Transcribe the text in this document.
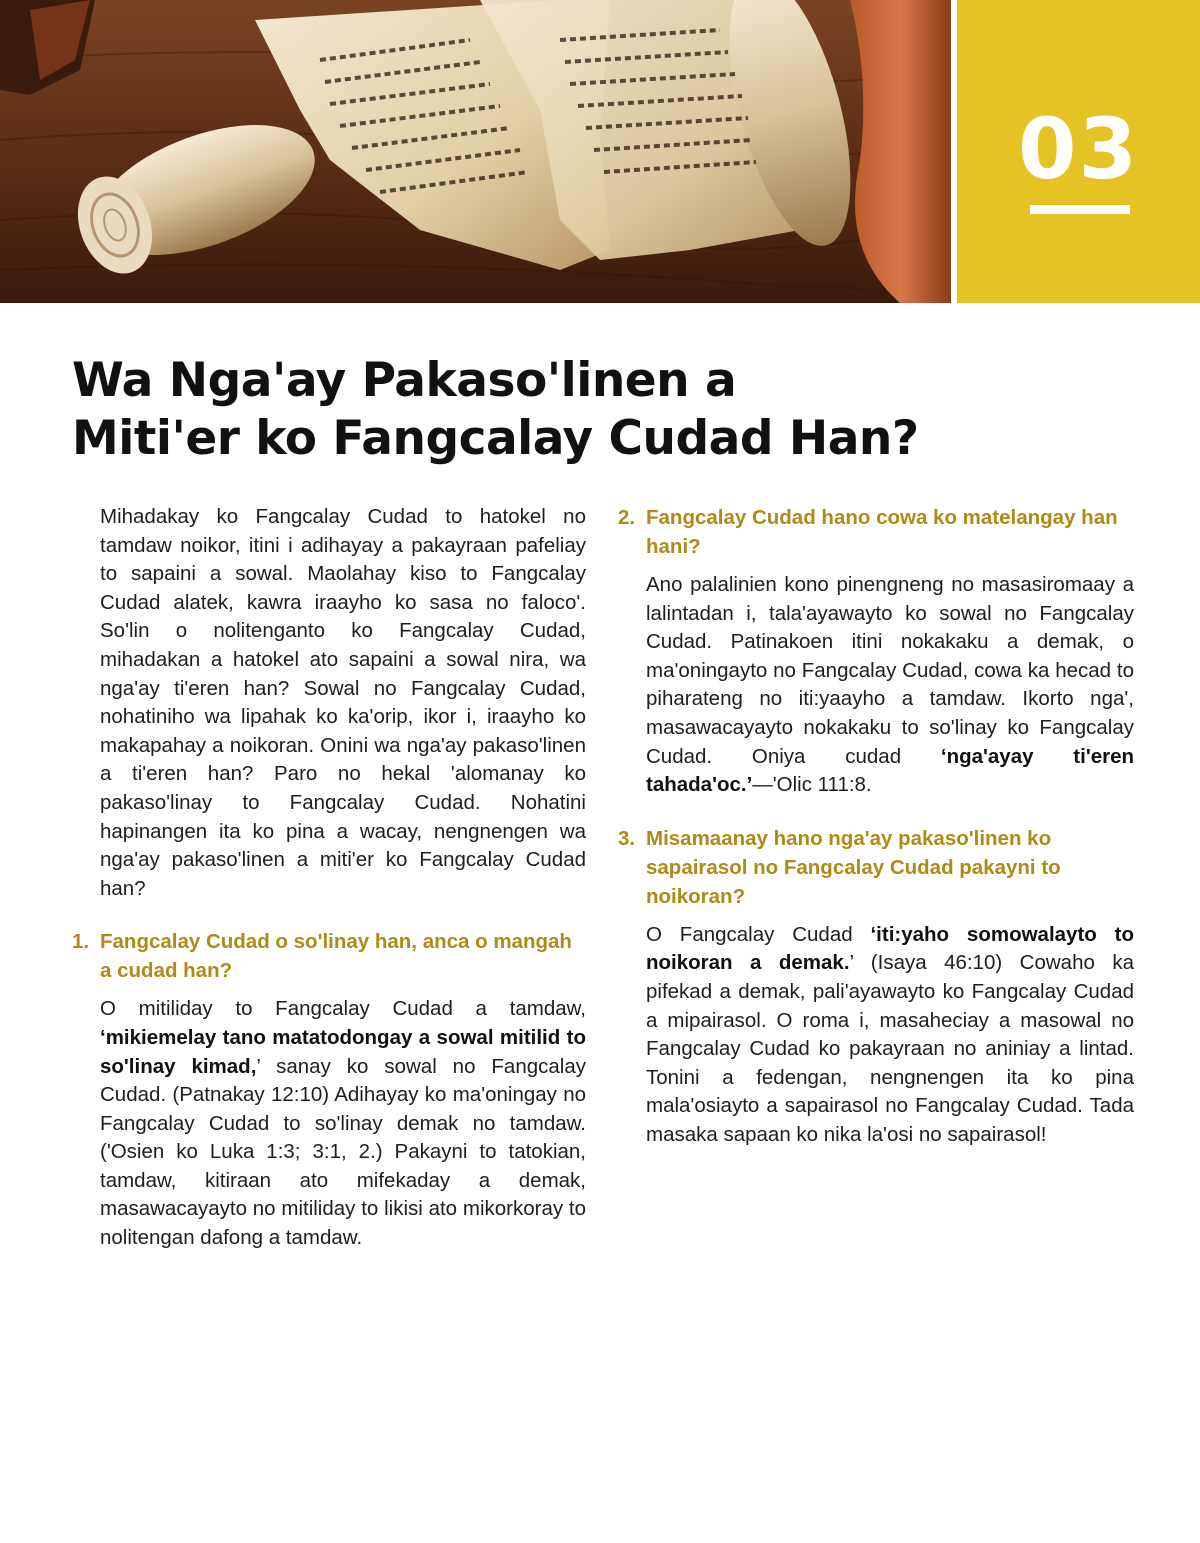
03
Wa Nga'ay Pakaso'linen a
Miti'er ko Fangcalay Cudad Han?

Mihadakay ko Fangcalay Cudad to hatokel no tamdaw noikor, itini i adihayay a pakayraan pafeliay to sapaini a sowal. Maolahay kiso to Fangcalay Cudad alatek, kawra iraayho ko sasa no faloco'. So'lin o nolitenganto ko Fangcalay Cudad, mihadakan a hatokel ato sapaini a sowal nira, wa nga'ay ti'eren han? Sowal no Fangcalay Cudad, nohatiniho wa lipahak ko ka'orip, ikor i, iraayho ko makapahay a noikoran. Onini wa nga'ay pakaso'linen a ti'eren han? Paro no hekal 'alomanay ko pakaso'linay to Fangcalay Cudad. Nohatini hapinangen ita ko pina a wacay, nengnengen wa nga'ay pakaso'linen a miti'er ko Fangcalay Cudad han?

1. Fangcalay Cudad o so'linay han, anca o mangah a cudad han?

O mitiliday to Fangcalay Cudad a tamdaw, ‘mikiemelay tano matatodongay a sowal mitilid to so'linay kimad,’ sanay ko sowal no Fangcalay Cudad. (Patnakay 12:10) Adihayay ko ma'oningay no Fangcalay Cudad to so'linay demak no tamdaw. ('Osien ko Luka 1:3; 3:1, 2.) Pakayni to tatokian, tamdaw, kitiraan ato mifekaday a demak, masawacayayto no mitiliday to likisi ato mikorkoray to nolitengan dafong a tamdaw.

2. Fangcalay Cudad hano cowa ko matelangay han hani?

Ano palalinien kono pinengneng no masasiromaay a lalintadan i, tala'ayawayto ko sowal no Fangcalay Cudad. Patinakoen itini nokakaku a demak, o ma'oningayto no Fangcalay Cudad, cowa ka hecad to piharateng no iti:yaayho a tamdaw. Ikorto nga', masawacayayto nokakaku to so'linay ko Fangcalay Cudad. Oniya cudad ‘nga'ayay ti'eren tahada'oc.’—'Olic 111:8.

3. Misamaanay hano nga'ay pakaso'linen ko sapairasol no Fangcalay Cudad pakayni to noikoran?

O Fangcalay Cudad ‘iti:yaho somowalayto to noikoran a demak.’ (Isaya 46:10) Cowaho ka pifekad a demak, pali'ayawayto ko Fangcalay Cudad a mipairasol. O roma i, masaheciay a masowal no Fangcalay Cudad ko pakayraan no aniniay a lintad. Tonini a fedengan, nengnengen ita ko pina mala'osiayto a sapairasol no Fangcalay Cudad. Tada masaka sapaan ko nika la'osi no sapairasol!
